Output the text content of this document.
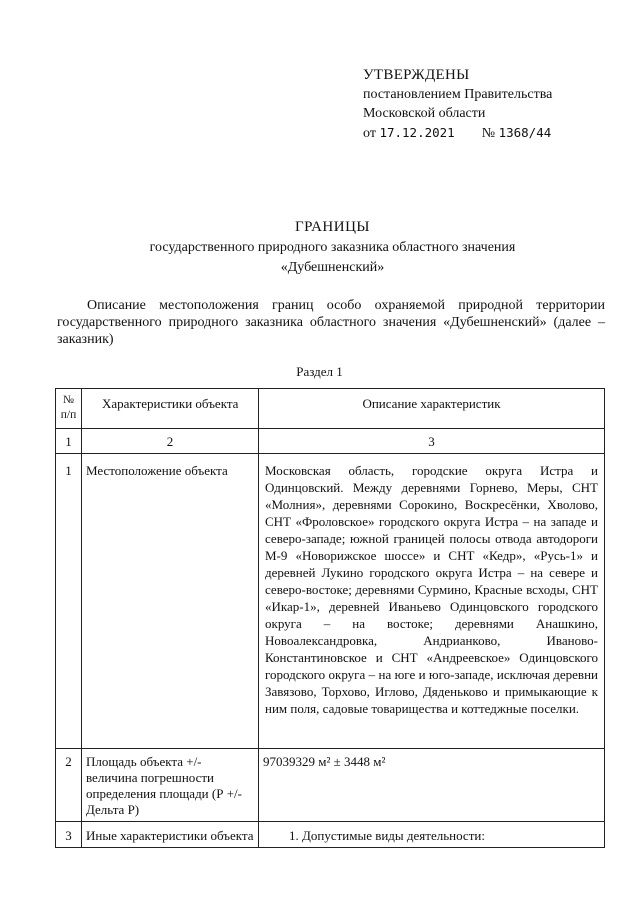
УТВЕРЖДЕНЫ
постановлением Правительства
Московской области
от 17.12.2021 № 1368/44
ГРАНИЦЫ
государственного природного заказника областного значения
«Дубешненский»
Описание местоположения границ особо охраняемой природной территории государственного природного заказника областного значения «Дубешненский» (далее – заказник)
Раздел 1
№ п/п	Характеристики объекта	Описание характеристик
1	2	3
1	Местоположение объекта	Московская область, городские округа Истра и Одинцовский. Между деревнями Горнево, Меры, СНТ «Молния», деревнями Сорокино, Воскресёнки, Хволово, СНТ «Фроловское» городского округа Истра – на западе и северо-западе; южной границей полосы отвода автодороги М-9 «Новорижское шоссе» и СНТ «Кедр», «Русь-1» и деревней Лукино городского округа Истра – на севере и северо-востоке; деревнями Сурмино, Красные всходы, СНТ «Икар-1», деревней Иваньево Одинцовского городского округа – на востоке; деревнями Анашкино, Новоалександровка, Андрианково, Иваново-Константиновское и СНТ «Андреевское» Одинцовского городского округа – на юге и юго-западе, исключая деревни Завязово, Торхово, Иглово, Дяденьково и примыкающие к ним поля, садовые товарищества и коттеджные поселки.
2	Площадь объекта +/- величина погрешности определения площади (Р +/- Дельта Р)	97039329 м² ± 3448 м²
3	Иные характеристики объекта	1. Допустимые виды деятельности:
